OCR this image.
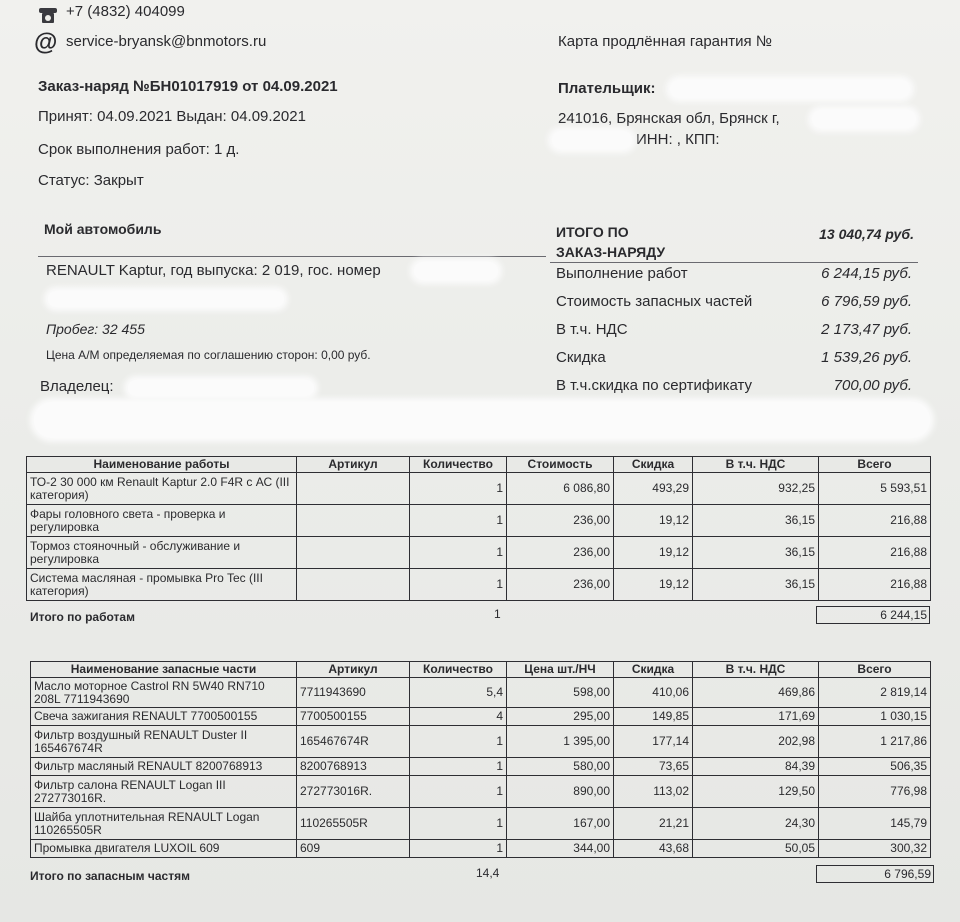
+7 (4832) 404099
@ service-bryansk@bnmotors.ru	Карта продлённая гарантия №
Заказ-наряд №БН01017919 от 04.09.2021
Принят: 04.09.2021 Выдан: 04.09.2021
Срок выполнения работ: 1 д.
Статус: Закрыт
Плательщик:
241016, Брянская обл, Брянск г,
ИНН: , КПП:
Мой автомобиль
RENAULT Kaptur, год выпуска: 2 019, гос. номер
Пробег: 32 455
Цена А/М определяемая по соглашению сторон: 0,00 руб.
Владелец:
ИТОГО ПО
ЗАКАЗ-НАРЯДУ
13 040,74 руб.
Выполнение работ	6 244,15 руб.
Стоимость запасных частей	6 796,59 руб.
В т.ч. НДС	2 173,47 руб.
Скидка	1 539,26 руб.
В т.ч.скидка по сертификату	700,00 руб.
Наименование работы	Артикул	Количество	Стоимость	Скидка	В т.ч. НДС	Всего
ТО-2 30 000 км Renault Kaptur 2.0 F4R с АС (III категория)		1	6 086,80	493,29	932,25	5 593,51
Фары головного света - проверка и регулировка		1	236,00	19,12	36,15	216,88
Тормоз стояночный - обслуживание и регулировка		1	236,00	19,12	36,15	216,88
Система масляная - промывка Pro Tec (III категория)		1	236,00	19,12	36,15	216,88
Итого по работам	1	6 244,15
Наименование запасные части	Артикул	Количество	Цена шт./НЧ	Скидка	В т.ч. НДС	Всего
Масло моторное Castrol RN 5W40 RN710 208L 7711943690	7711943690	5,4	598,00	410,06	469,86	2 819,14
Свеча зажигания RENAULT 7700500155	7700500155	4	295,00	149,85	171,69	1 030,15
Фильтр воздушный RENAULT Duster II 165467674R	165467674R	1	1 395,00	177,14	202,98	1 217,86
Фильтр масляный RENAULT 8200768913	8200768913	1	580,00	73,65	84,39	506,35
Фильтр салона RENAULT Logan III 272773016R.	272773016R.	1	890,00	113,02	129,50	776,98
Шайба уплотнительная RENAULT Logan 110265505R	110265505R	1	167,00	21,21	24,30	145,79
Промывка двигателя LUXOIL 609	609	1	344,00	43,68	50,05	300,32
Итого по запасным частям	14,4	6 796,59
